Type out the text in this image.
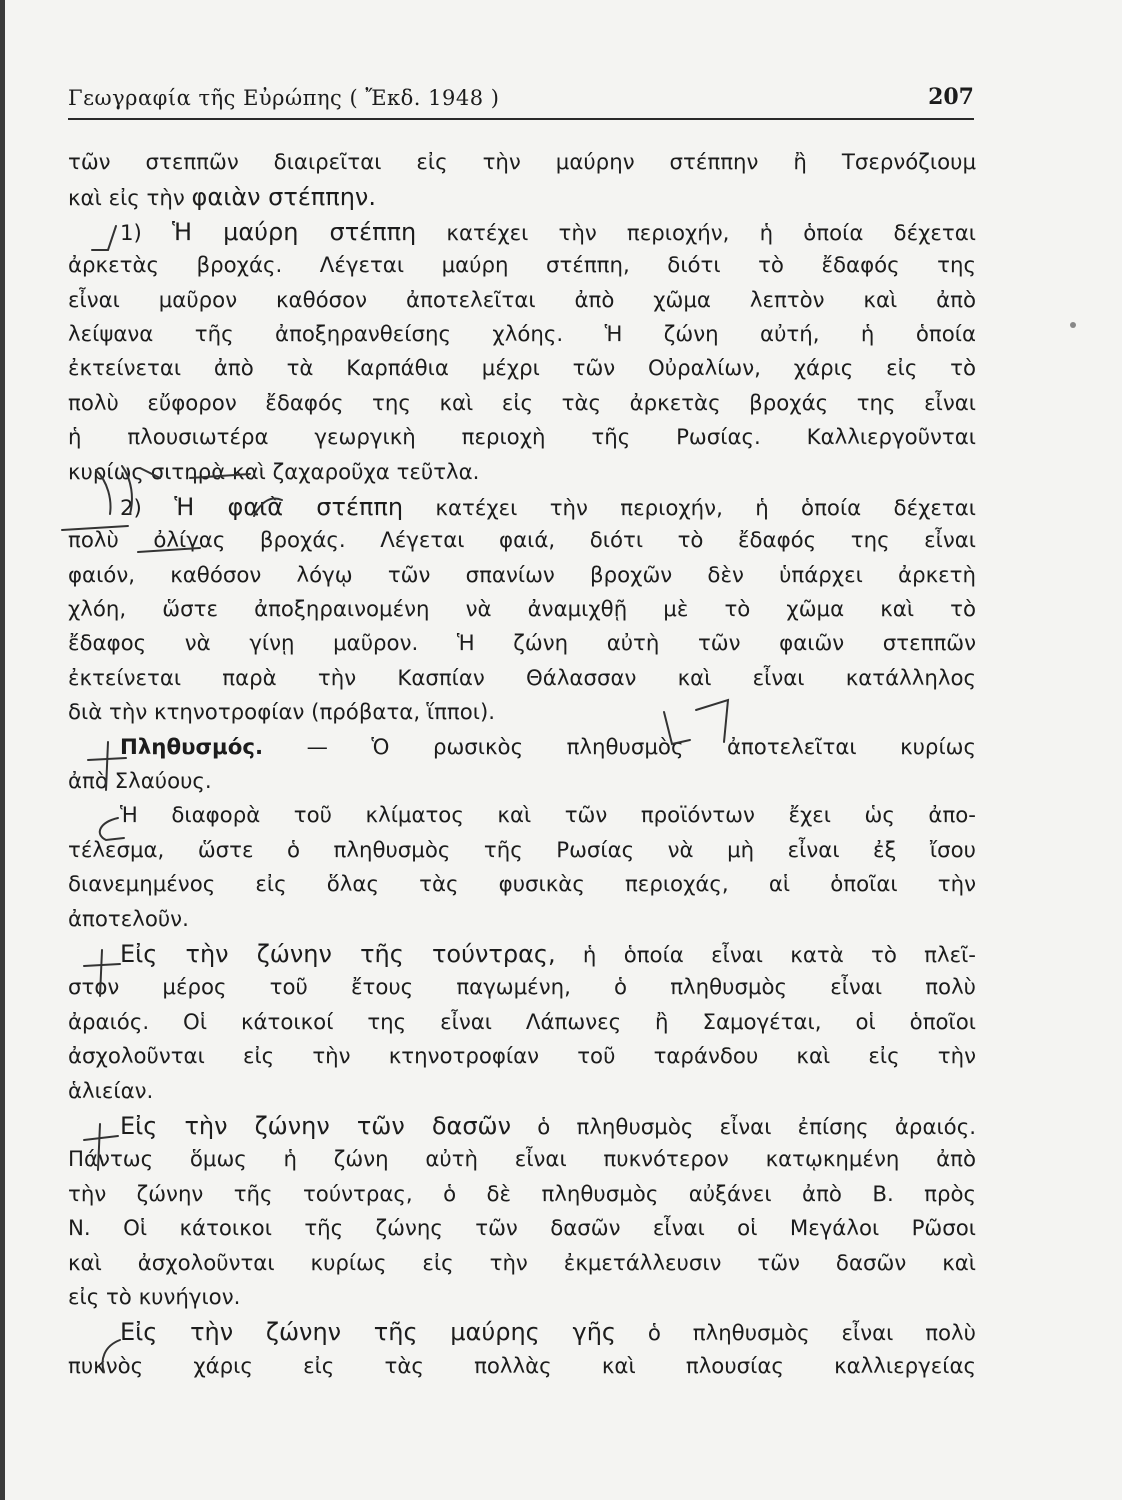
Γεωγραφία τῆς Εὐρώπης ( Ἔκδ. 1948 )	207
τῶν στεππῶν διαιρεῖται εἰς τὴν μαύρην στέππην ἢ Τσερνόζιουμ
καὶ εἰς τὴν φαιὰν στέππην.
1) Ἡ μαύρη στέππη κατέχει τὴν περιοχήν, ἡ ὁποία δέχεται
ἀρκετὰς βροχάς. Λέγεται μαύρη στέππη, διότι τὸ ἔδαφός της
εἶναι μαῦρον καθόσον ἀποτελεῖται ἀπὸ χῶμα λεπτὸν καὶ ἀπὸ
λείψανα τῆς ἀποξηρανθείσης χλόης. Ἡ ζώνη αὐτή, ἡ ὁποία
ἐκτείνεται ἀπὸ τὰ Καρπάθια μέχρι τῶν Οὐραλίων, χάρις εἰς τὸ
πολὺ εὔφορον ἔδαφός της καὶ εἰς τὰς ἀρκετὰς βροχάς της εἶναι
ἡ πλουσιωτέρα γεωργικὴ περιοχὴ τῆς Ρωσίας. Καλλιεργοῦνται
κυρίως σιτηρὰ καὶ ζαχαροῦχα τεῦτλα.
2) Ἡ φαιὰ στέππη κατέχει τὴν περιοχήν, ἡ ὁποία δέχεται
πολὺ ὀλίγας βροχάς. Λέγεται φαιά, διότι τὸ ἔδαφός της εἶναι
φαιόν, καθόσον λόγῳ τῶν σπανίων βροχῶν δὲν ὑπάρχει ἀρκετὴ
χλόη, ὥστε ἀποξηραινομένη νὰ ἀναμιχθῇ μὲ τὸ χῶμα καὶ τὸ
ἔδαφος νὰ γίνῃ μαῦρον. Ἡ ζώνη αὐτὴ τῶν φαιῶν στεππῶν
ἐκτείνεται παρὰ τὴν Κασπίαν Θάλασσαν καὶ εἶναι κατάλληλος
διὰ τὴν κτηνοτροφίαν (πρόβατα, ἵπποι).
Πληθυσμός. — Ὁ ρωσικὸς πληθυσμὸς ἀποτελεῖται κυρίως
ἀπὸ Σλαύους.
Ἡ διαφορὰ τοῦ κλίματος καὶ τῶν προϊόντων ἔχει ὡς ἀπο-
τέλεσμα, ὥστε ὁ πληθυσμὸς τῆς Ρωσίας νὰ μὴ εἶναι ἐξ ἴσου
διανεμημένος εἰς ὅλας τὰς φυσικὰς περιοχάς, αἱ ὁποῖαι τὴν
ἀποτελοῦν.
Εἰς τὴν ζώνην τῆς τούντρας, ἡ ὁποία εἶναι κατὰ τὸ πλεῖ-
στον μέρος τοῦ ἔτους παγωμένη, ὁ πληθυσμὸς εἶναι πολὺ
ἀραιός. Οἱ κάτοικοί της εἶναι Λάπωνες ἢ Σαμογέται, οἱ ὁποῖοι
ἀσχολοῦνται εἰς τὴν κτηνοτροφίαν τοῦ ταράνδου καὶ εἰς τὴν
ἁλιείαν.
Εἰς τὴν ζώνην τῶν δασῶν ὁ πληθυσμὸς εἶναι ἐπίσης ἀραιός.
Πάντως ὅμως ἡ ζώνη αὐτὴ εἶναι πυκνότερον κατῳκημένη ἀπὸ
τὴν ζώνην τῆς τούντρας, ὁ δὲ πληθυσμὸς αὐξάνει ἀπὸ Β. πρὸς
Ν. Οἱ κάτοικοι τῆς ζώνης τῶν δασῶν εἶναι οἱ Μεγάλοι Ρῶσοι
καὶ ἀσχολοῦνται κυρίως εἰς τὴν ἐκμετάλλευσιν τῶν δασῶν καὶ
εἰς τὸ κυνήγιον.
Εἰς τὴν ζώνην τῆς μαύρης γῆς ὁ πληθυσμὸς εἶναι πολὺ
πυκνὸς χάρις εἰς τὰς πολλὰς καὶ πλουσίας καλλιεργείας
